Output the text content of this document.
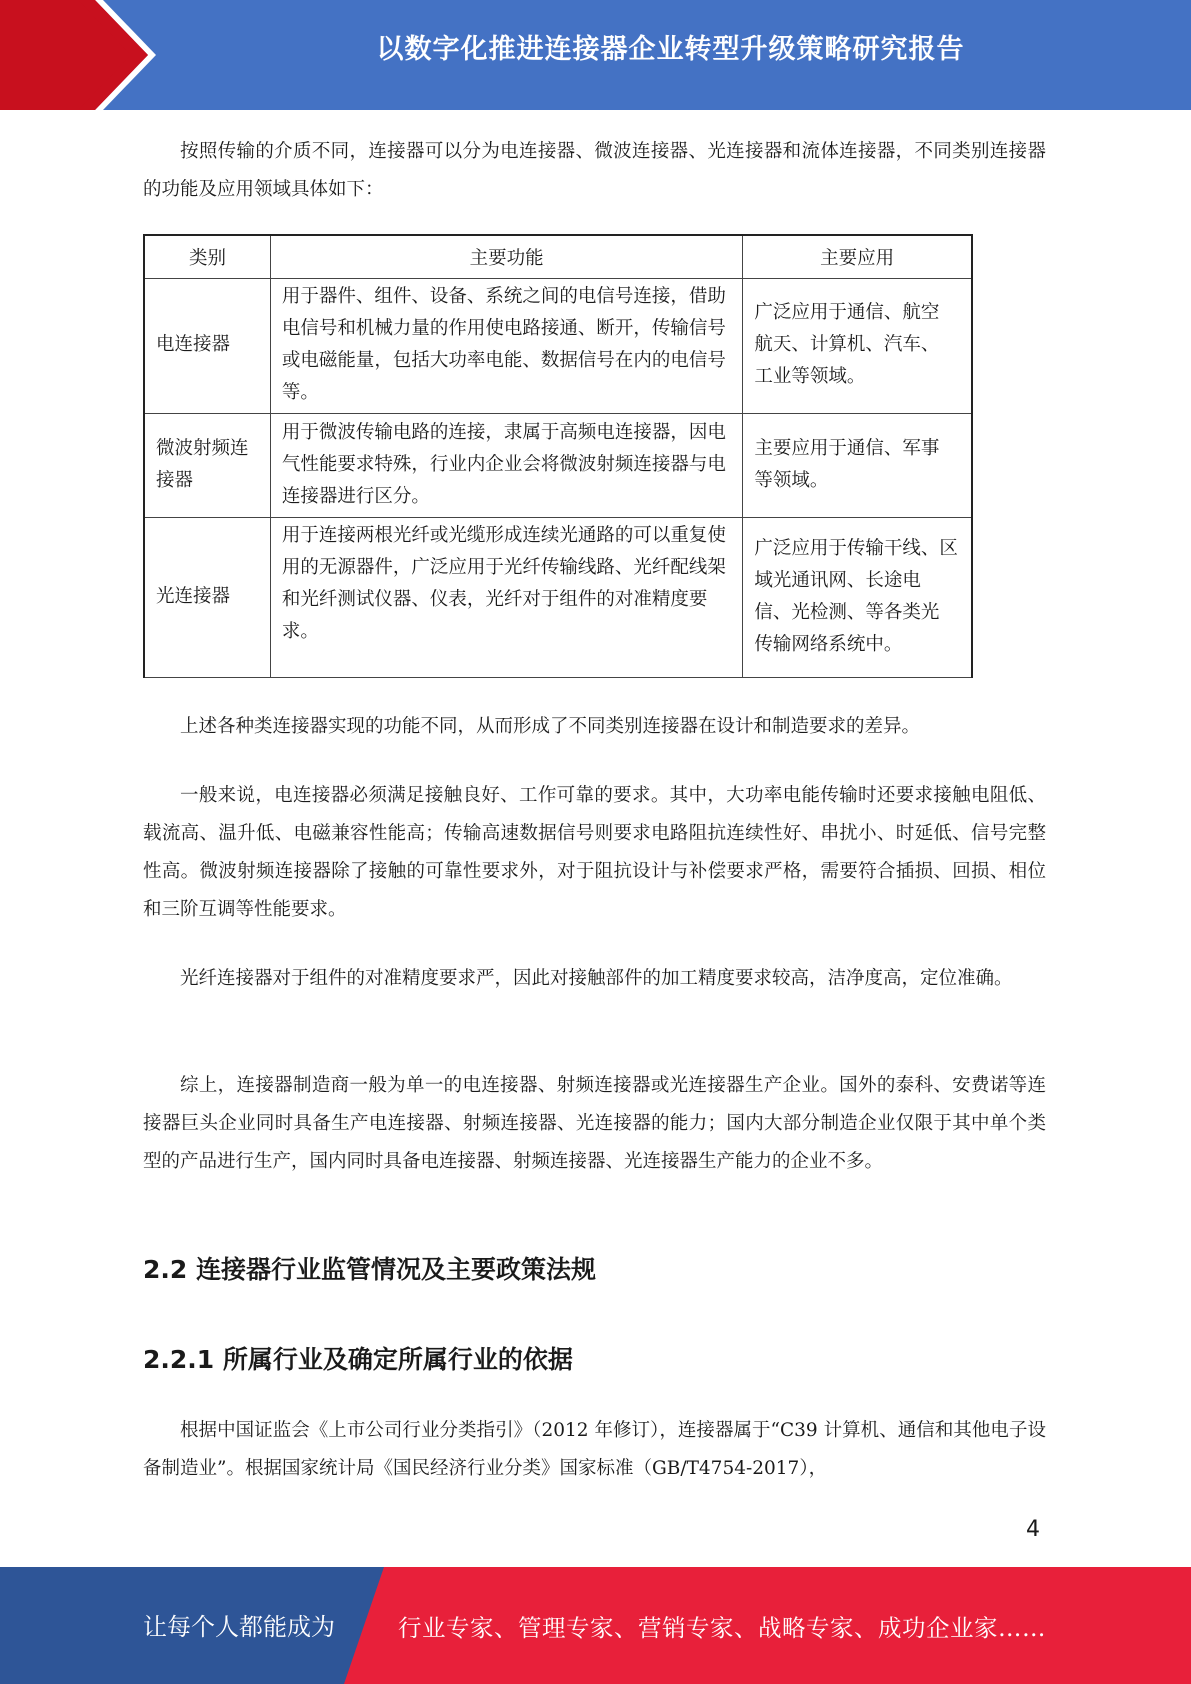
以数字化推进连接器企业转型升级策略研究报告

按照传输的介质不同，连接器可以分为电连接器、微波连接器、光连接器和流体连接器，不同类别连接器的功能及应用领域具体如下：

类别	主要功能	主要应用
电连接器	用于器件、组件、设备、系统之间的电信号连接，借助电信号和机械力量的作用使电路接通、断开，传输信号或电磁能量，包括大功率电能、数据信号在内的电信号等。	广泛应用于通信、航空 航天、计算机、汽车、 工业等领域。
微波射频连接器	用于微波传输电路的连接，隶属于高频电连接器，因电气性能要求特殊，行业内企业会将微波射频连接器与电连接器进行区分。	主要应用于通信、军事 等领域。
光连接器	用于连接两根光纤或光缆形成连续光通路的可以重复使用的无源器件，广泛应用于光纤传输线路、光纤配线架和光纤测试仪器、仪表，光纤对于组件的对准精度要求。	广泛应用于传输干线、区域光通讯网、长途电 信、光检测、等各类光 传输网络系统中。

上述各种类连接器实现的功能不同，从而形成了不同类别连接器在设计和制造要求的差异。

一般来说，电连接器必须满足接触良好、工作可靠的要求。其中，大功率电能传输时还要求接触电阻低、载流高、温升低、电磁兼容性能高；传输高速数据信号则要求电路阻抗连续性好、串扰小、时延低、信号完整性高。微波射频连接器除了接触的可靠性要求外，对于阻抗设计与补偿要求严格，需要符合插损、回损、相位和三阶互调等性能要求。

光纤连接器对于组件的对准精度要求严，因此对接触部件的加工精度要求较高，洁净度高，定位准确。

综上，连接器制造商一般为单一的电连接器、射频连接器或光连接器生产企业。国外的泰科、安费诺等连接器巨头企业同时具备生产电连接器、射频连接器、光连接器的能力；国内大部分制造企业仅限于其中单个类型的产品进行生产，国内同时具备电连接器、射频连接器、光连接器生产能力的企业不多。

2.2 连接器行业监管情况及主要政策法规
2.2.1 所属行业及确定所属行业的依据

根据中国证监会《上市公司行业分类指引》（2012 年修订），连接器属于“C39 计算机、通信和其他电子设备制造业”。根据国家统计局《国民经济行业分类》国家标准（GB/T4754-2017），

4
让每个人都能成为	行业专家、管理专家、营销专家、战略专家、成功企业家……
